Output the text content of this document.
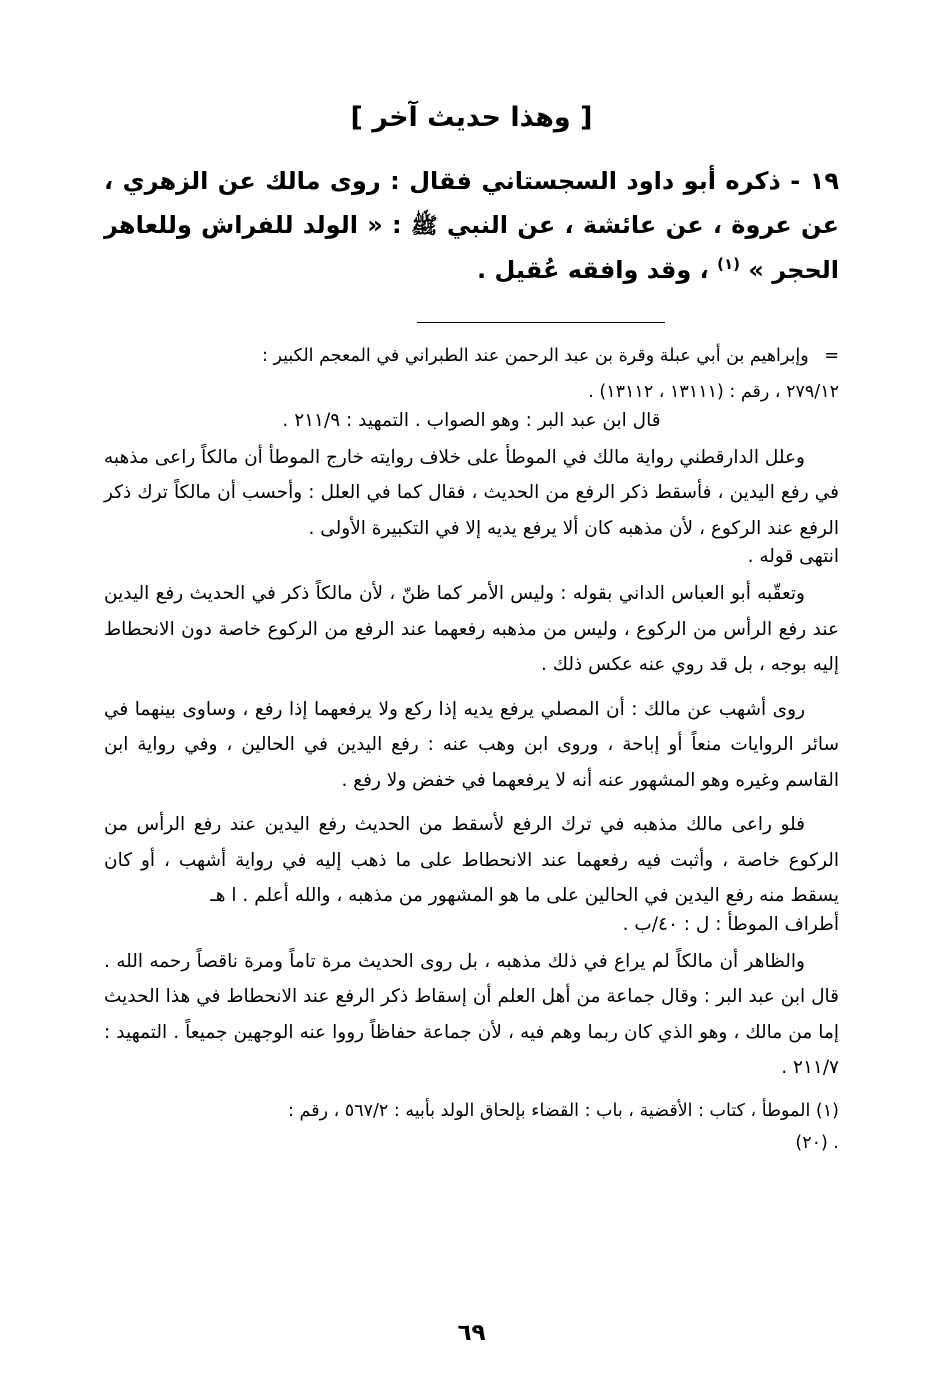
[ وهذا حديث آخر ]
١٩ - ذكره أبو داود السجستاني فقال : روى مالك عن الزهري ، عن عروة ، عن عائشة ، عن النبي ﷺ : « الولد للفراش وللعاهر الحجر » $^{(١)}$ ، وقد وافقه عُقيل .
= وإبراهيم بن أبي عبلة وقرة بن عبد الرحمن عند الطبراني في المعجم الكبير :
٢٧٩/١٢ ، رقم : (١٣١١١ ، ١٣١١٢) .
قال ابن عبد البر : وهو الصواب . التمهيد : ٢١١/٩ .

وعلل الدارقطني رواية مالك في الموطأ على خلاف روايته خارج الموطأ أن مالكاً راعى مذهبه في رفع اليدين ، فأسقط ذكر الرفع من الحديث ، فقال كما في العلل : وأحسب أن مالكاً ترك ذكر الرفع عند الركوع ، لأن مذهبه كان ألا يرفع يديه إلا في التكبيرة الأولى .

انتهى قوله .

وتعقّبه أبو العباس الداني بقوله : وليس الأمر كما ظنّ ، لأن مالكاً ذكر في الحديث رفع اليدين عند رفع الرأس من الركوع ، وليس من مذهبه رفعهما عند الرفع من الركوع خاصة دون الانحطاط إليه بوجه ، بل قد روي عنه عكس ذلك .

روى أشهب عن مالك : أن المصلي يرفع يديه إذا ركع ولا يرفعهما إذا رفع ، وساوى بينهما في سائر الروايات منعاً أو إباحة ، وروى ابن وهب عنه : رفع اليدين في الحالين ، وفي رواية ابن القاسم وغيره وهو المشهور عنه أنه لا يرفعهما في خفض ولا رفع .

فلو راعى مالك مذهبه في ترك الرفع لأسقط من الحديث رفع اليدين عند رفع الرأس من الركوع خاصة ، وأثبت فيه رفعهما عند الانحطاط على ما ذهب إليه في رواية أشهب ، أو كان يسقط منه رفع اليدين في الحالين على ما هو المشهور من مذهبه ، والله أعلم . ا هـ

أطراف الموطأ : ل : ٤٠/ب .

والظاهر أن مالكاً لم يراع في ذلك مذهبه ، بل روى الحديث مرة تاماً ومرة ناقصاً رحمه الله . قال ابن عبد البر : وقال جماعة من أهل العلم أن إسقاط ذكر الرفع عند الانحطاط في هذا الحديث إما من مالك ، وهو الذي كان ربما وهم فيه ، لأن جماعة حفاظاً رووا عنه الوجهين جميعاً . التمهيد : ٢١١/٧ .

(١) الموطأ ، كتاب : الأقضية ، باب : القضاء بإلحاق الولد بأبيه : ٥٦٧/٢ ، رقم :
. (٢٠)
٦٩
